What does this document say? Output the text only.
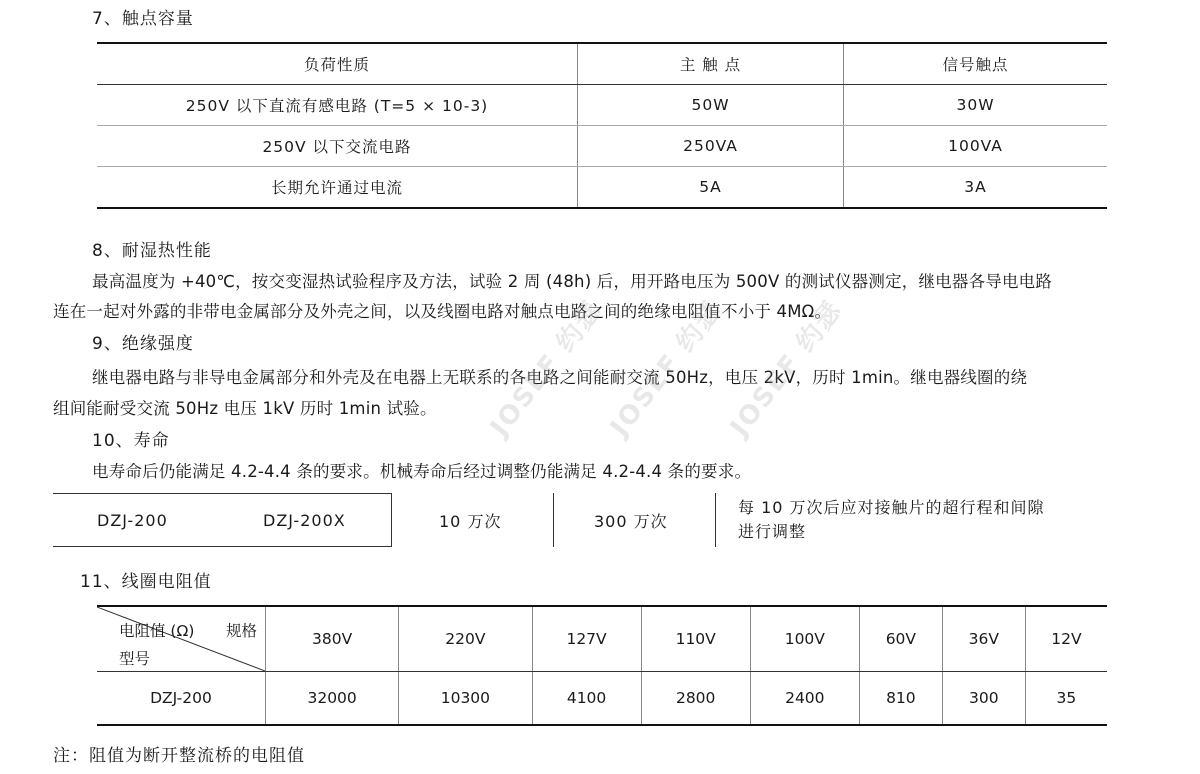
7、触点容量
负荷性质	主 触 点	信号触点
250V 以下直流有感电路 (T=5 × 10-3)	50W	30W
250V 以下交流电路	250VA	100VA
长期允许通过电流	5A	3A
8、耐湿热性能
最高温度为 +40℃，按交变湿热试验程序及方法，试验 2 周 (48h) 后，用开路电压为 500V 的测试仪器测定，继电器各导电电路
连在一起对外露的非带电金属部分及外壳之间，以及线圈电路对触点电路之间的绝缘电阻值不小于 4MΩ。
9、绝缘强度
继电器电路与非导电金属部分和外壳及在电器上无联系的各电路之间能耐交流 50Hz，电压 2kV，历时 1min。继电器线圈的绕
组间能耐受交流 50Hz 电压 1kV 历时 1min 试验。
10、寿命
电寿命后仍能满足 4.2-4.4 条的要求。机械寿命后经过调整仍能满足 4.2-4.4 条的要求。
DZJ-200	DZJ-200X	10 万次	300 万次
每 10 万次后应对接触片的超行程和间隙
进行调整
11、线圈电阻值
电阻值 (Ω) 规格
型号	380V	220V	127V	110V	100V	60V	36V	12V
DZJ-200	32000	10300	4100	2800	2400	810	300	35
注：阻值为断开整流桥的电阻值
JOSEF 约瑟
JOSEF 约瑟
JOSEF 约瑟
